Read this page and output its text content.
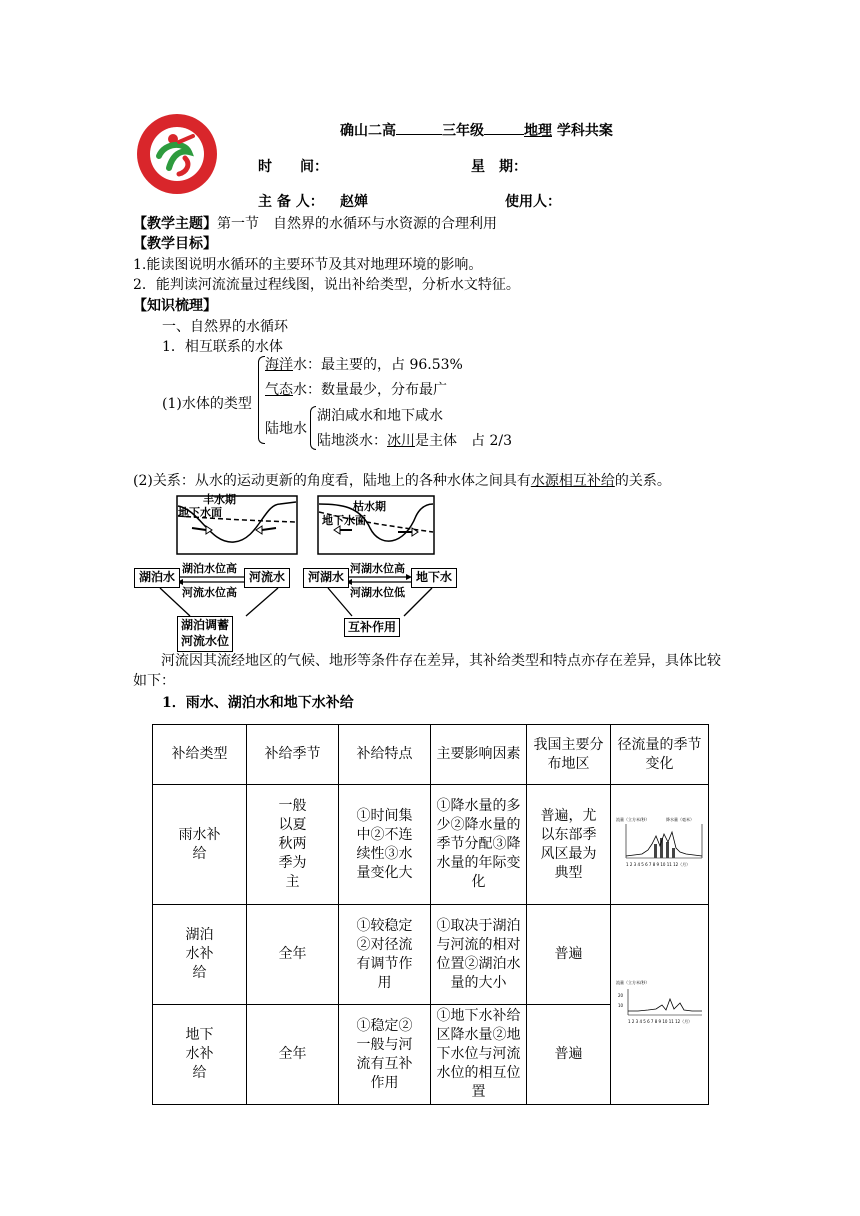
确山二高	三年级	地理 学科共案
时　　间：	星　期：
主 备 人： 赵婵	使用人：
【教学主题】第一节　自然界的水循环与水资源的合理利用
【教学目标】
1.能读图说明水循环的主要环节及其对地理环境的影响。
2．能判读河流流量过程线图，说出补给类型，分析水文特征。
【知识梳理】
一、自然界的水循环
1．相互联系的水体
海洋水：最主要的，占 96.53%
气态水：数量最少，分布最广
(1)水体的类型
陆地水
湖泊咸水和地下咸水
陆地淡水：冰川是主体　占 2/3
(2)关系：从水的运动更新的角度看，陆地上的各种水体之间具有水源相互补给的关系。
丰水期
地下水面
湖泊水	河流水
湖泊水位高
河流水位高
湖泊调蓄河流水位
枯水期
地下水面
河湖水	地下水
河湖水位高
河湖水位低
互补作用
河流因其流经地区的气候、地形等条件存在差异，其补给类型和特点亦存在差异，具体比较如下：
1．雨水、湖泊水和地下水补给
补给类型	补给季节	补给特点	主要影响因素	我国主要分布地区	径流量的季节变化
雨水补给	一般以夏秋两季为主	①时间集中②不连续性③水量变化大	①降水量的多少②降水量的季节分配③降水量的年际变化	普遍，尤以东部季风区最为典型	流量（立方米/秒） 降水量（毫米）
1 2 3 4 5 6 7 8 9 10 11 12（月）

湖泊水补给	全年	①较稳定②对径流有调节作用	①取决于湖泊与河流的相对位置②湖泊水量的大小	普遍	流量（立方米/秒）
20
10
1 2 3 4 5 6 7 8 9 10 11 12（月）

地下水补给	全年	①稳定②一般与河流有互补作用	①地下水补给区降水量②地下水位与河流水位的相互位置	普遍	
